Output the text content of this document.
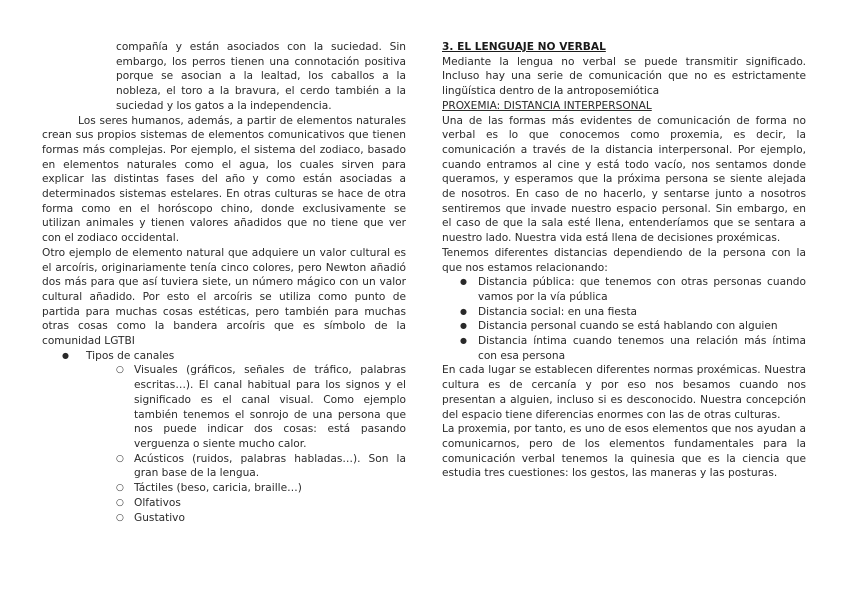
compañía y están asociados con la suciedad. Sin embargo, los perros tienen una connotación positiva porque se asocian a la lealtad, los caballos a la nobleza, el toro a la bravura, el cerdo también a la suciedad y los gatos a la independencia.

Los seres humanos, además, a partir de elementos naturales crean sus propios sistemas de elementos comunicativos que tienen formas más complejas. Por ejemplo, el sistema del zodiaco, basado en elementos naturales como el agua, los cuales sirven para explicar las distintas fases del año y como están asociadas a determinados sistemas estelares. En otras culturas se hace de otra forma como en el horóscopo chino, donde exclusivamente se utilizan animales y tienen valores añadidos que no tiene que ver con el zodiaco occidental.

Otro ejemplo de elemento natural que adquiere un valor cultural es el arcoíris, originariamente tenía cinco colores, pero Newton añadió dos más para que así tuviera siete, un número mágico con un valor cultural añadido. Por esto el arcoíris se utiliza como punto de partida para muchas cosas estéticas, pero también para muchas otras cosas como la bandera arcoíris que es símbolo de la comunidad LGTBI

● Tipos de canales
○ Visuales (gráficos, señales de tráfico, palabras escritas…). El canal habitual para los signos y el significado es el canal visual. Como ejemplo también tenemos el sonrojo de una persona que nos puede indicar dos cosas: está pasando verguenza o siente mucho calor.
○ Acústicos (ruidos, palabras habladas…). Son la gran base de la lengua.
○ Táctiles (beso, caricia, braille…)
○ Olfativos
○ Gustativo

3. EL LENGUAJE NO VERBAL

Mediante la lengua no verbal se puede transmitir significado. Incluso hay una serie de comunicación que no es estrictamente lingüística dentro de la antroposemiótica

PROXEMIA: DISTANCIA INTERPERSONAL

Una de las formas más evidentes de comunicación de forma no verbal es lo que conocemos como proxemia, es decir, la comunicación a través de la distancia interpersonal. Por ejemplo, cuando entramos al cine y está todo vacío, nos sentamos donde queramos, y esperamos que la próxima persona se siente alejada de nosotros. En caso de no hacerlo, y sentarse junto a nosotros sentiremos que invade nuestro espacio personal. Sin embargo, en el caso de que la sala esté llena, entenderíamos que se sentara a nuestro lado. Nuestra vida está llena de decisiones proxémicas.

Tenemos diferentes distancias dependiendo de la persona con la que nos estamos relacionando:

● Distancia pública: que tenemos con otras personas cuando vamos por la vía pública
● Distancia social: en una fiesta
● Distancia personal cuando se está hablando con alguien
● Distancia íntima cuando tenemos una relación más íntima con esa persona

En cada lugar se establecen diferentes normas proxémicas. Nuestra cultura es de cercanía y por eso nos besamos cuando nos presentan a alguien, incluso si es desconocido. Nuestra concepción del espacio tiene diferencias enormes con las de otras culturas.

La proxemia, por tanto, es uno de esos elementos que nos ayudan a comunicarnos, pero de los elementos fundamentales para la comunicación verbal tenemos la quinesia que es la ciencia que estudia tres cuestiones: los gestos, las maneras y las posturas.
